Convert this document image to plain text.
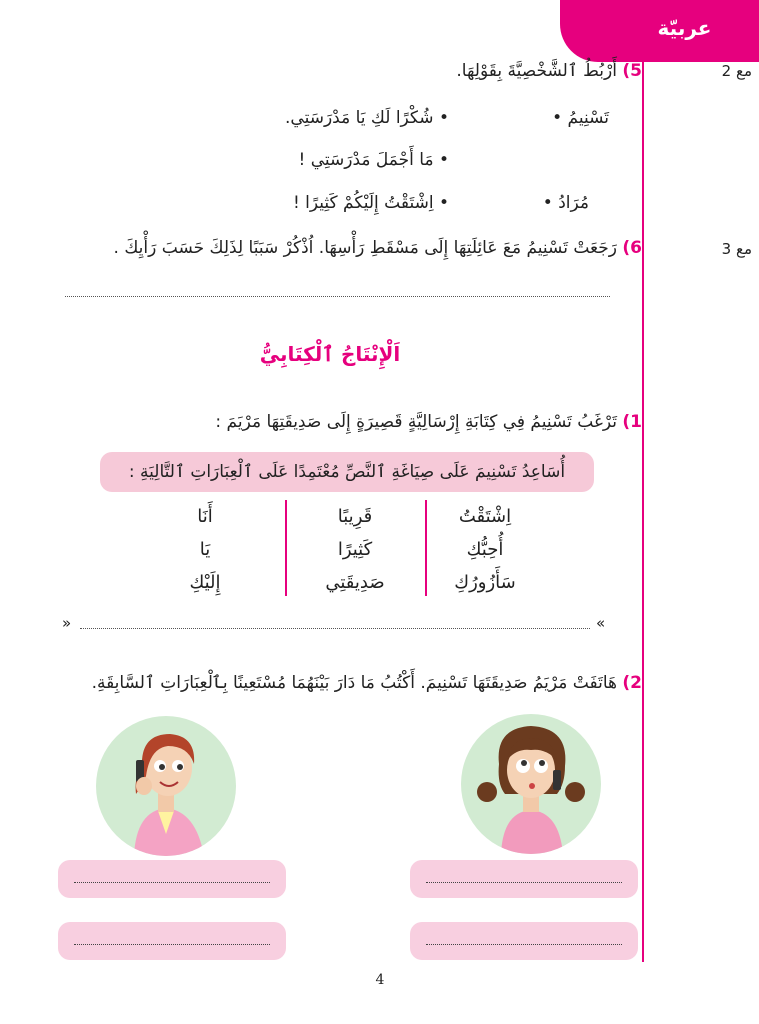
عربيّة
مع 2
5) أَرْبُطُ ٱلشَّخْصِيَّةَ بِقَوْلِهَا.
تَسْنِيمُ •
مُرَادُ •
• شُكْرًا لَكِ يَا مَدْرَسَتِي.
• مَا أَجْمَلَ مَدْرَسَتِي !
• اِشْتَقْتُ إِلَيْكُمْ كَثِيرًا !
مع 3
6) رَجَعَتْ تَسْنِيمُ مَعَ عَائِلَتِهَا إِلَى مَسْقَطِ رَأْسِهَا. اُذْكُرْ سَبَبًا لِذَلِكَ حَسَبَ رَأْيِكَ .
اَلْإِنْتَاجُ ٱلْكِتَابِيُّ
1) تَرْغَبُ تَسْنِيمُ فِي كِتَابَةِ إِرْسَالِيَّةٍ قَصِيرَةٍ إِلَى صَدِيقَتِهَا مَرْيَمَ :
أُسَاعِدُ تَسْنِيمَ عَلَى صِيَاغَةِ ٱلنَّصِّ مُعْتَمِدًا عَلَى ٱلْعِبَارَاتِ ٱلتَّالِيَةِ :
اِشْتَقْتُ
أُحِبُّكِ
سَأَزُورُكِ
قَرِيبًا
كَثِيرًا
صَدِيقَتِي
أَنَا
يَا
إِلَيْكِ
«
»
2) هَاتَفَتْ مَرْيَمُ صَدِيقَتَهَا تَسْنِيمَ. أَكْتُبُ مَا دَارَ بَيْنَهُمَا مُسْتَعِينًا بِٱلْعِبَارَاتِ ٱلسَّابِقَةِ.
4
